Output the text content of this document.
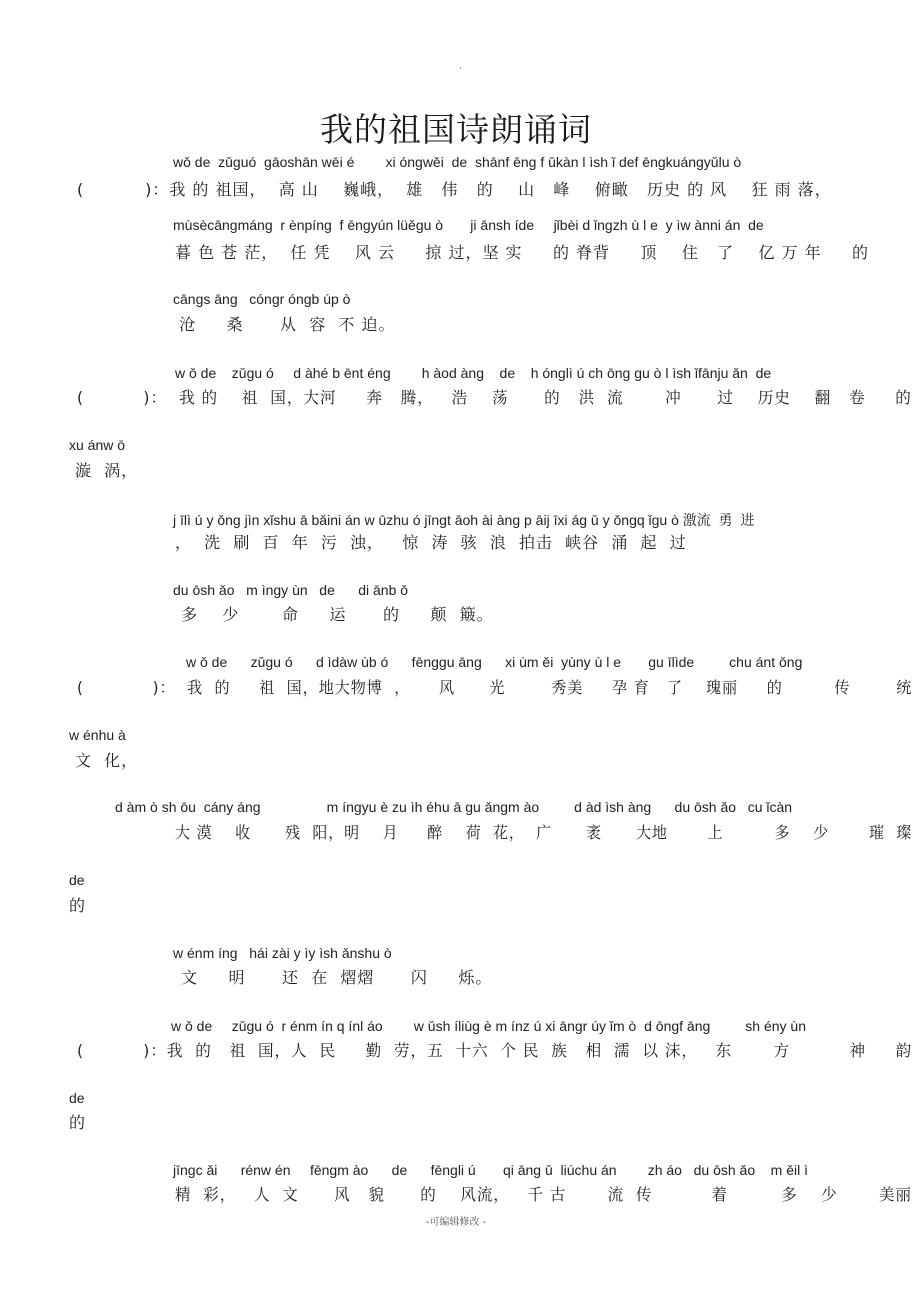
·
我的祖国诗朗诵词
wǒ de  zǔguó  gāoshān wēi é        xi óngwěi  de  shānf ēng f ǔkàn l ìsh ǐ def ēngkuángyǔlu ò
(          )：我 的 祖国，  高 山    巍峨，  雄   伟   的    山   峰    俯瞰   历史 的 风    狂 雨 落，
mùsècāngmáng  r ènpíng  f ēngyún lüěgu ò       ji ānsh íde     jǐbèi d ǐngzh ù l e  y ìw ànni án  de
暮 色 苍 茫，  任 凭    风 云     掠 过，坚 实     的 脊背     顶    住   了    亿 万 年     的
cāngs āng   cóngr óngb úp ò
沧     桑      从  容  不 迫。
w ǒ de    zǔgu ó     d àhé b ēnt éng        h àod àng    de    h ónglì ú ch ōng gu ò l ìsh ǐfānju ǎn  de
(          )：  我 的    祖  国，大河     奔   腾，   浩    荡      的   洪  流       冲      过    历史    翻   卷     的
xu ánw ō
漩  涡，
j īlì ú y ǒng jìn xǐshu ā bǎini án w ūzhu ó jīngt āoh ài àng p āij īxi ág ǔ y ǒngq ǐgu ò 激流  勇  进
，  洗  刷  百  年  污  浊，   惊  涛  骇  浪  拍击  峡谷  涌  起  过
du ōsh ǎo   m ìngy ùn   de      di ānb ǒ
多    少       命     运      的     颠  簸。
w ǒ de      zǔgu ó      d ìdàw ùb ó      fēnggu āng      xi ùm ěi  yùny ù l e       gu īlìde         chu ánt ǒng
(            )：  我  的     祖  国，地大物博  ，     风      光        秀美     孕 育   了    瑰丽     的         传        统
w énhu à
文  化，
d àm ò sh ōu  cány áng                 m íngyu è zu ìh éhu ā gu ǎngm ào         d àd ìsh àng      du ōsh ǎo   cu ǐcàn
大 漠    收      残  阳，明    月     醉    荷  花，  广      袤      大地       上         多    少       璀  璨
de
的
w énm íng   hái zài y ìy ìsh ǎnshu ò
文     明      还  在  熠熠      闪     烁。
w ǒ de     zǔgu ó  r énm ín q ínl áo        w ǔsh íliùg è m ínz ú xi āngr úy ǐm ò  d ōngf āng         sh ény ùn
(          )：我  的   祖  国，人  民     勤  劳，五  十六  个 民  族   相  濡  以 沫，   东       方          神     韵
de
的
jīngc ǎi      rénw én     fēngm ào      de      fēngli ú       qi āng ǔ  liúchu án        zh áo   du ōsh ǎo    m ěil ì
精  彩，   人  文      风   貌      的    风流，   千 古       流  传          着         多    少       美丽
-可编辑修改 -
